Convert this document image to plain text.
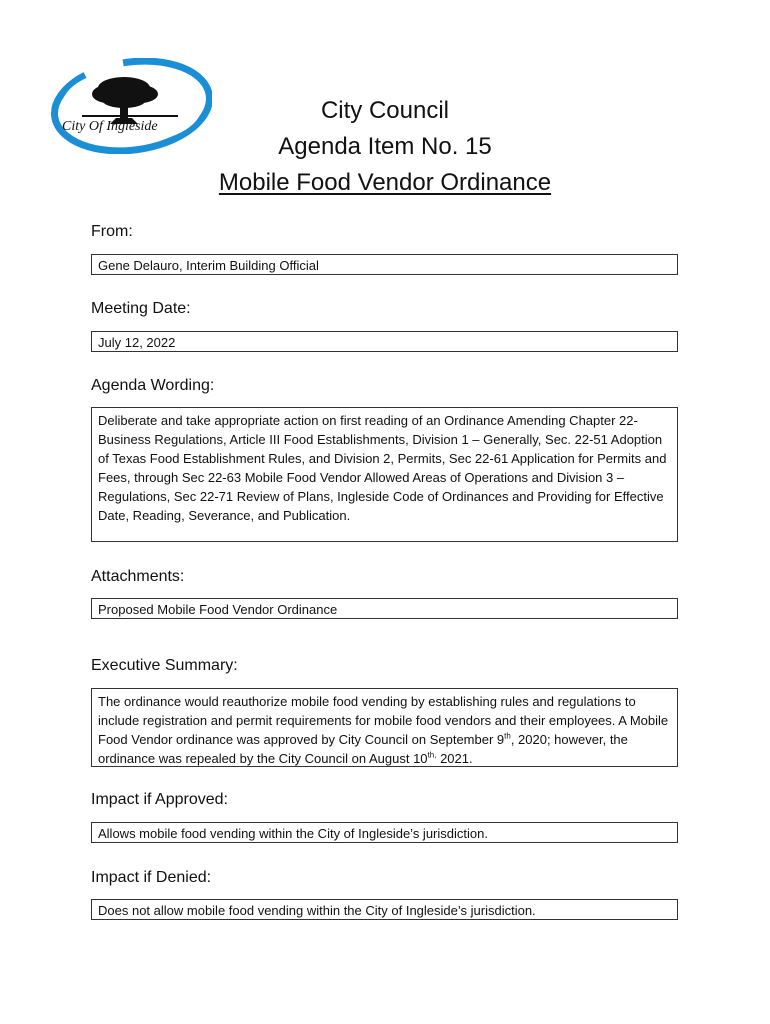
City Of Ingleside
City Council
Agenda Item No. 15
Mobile Food Vendor Ordinance
From:
Gene Delauro, Interim Building Official
Meeting Date:
July 12, 2022
Agenda Wording:
Deliberate and take appropriate action on first reading of an Ordinance Amending Chapter 22- Business Regulations, Article III Food Establishments, Division 1 – Generally, Sec. 22-51 Adoption of Texas Food Establishment Rules, and Division 2, Permits, Sec 22-61 Application for Permits and Fees, through Sec 22-63 Mobile Food Vendor Allowed Areas of Operations and Division 3 – Regulations, Sec 22-71 Review of Plans, Ingleside Code of Ordinances and Providing for Effective Date, Reading, Severance, and Publication.
Attachments:
Proposed Mobile Food Vendor Ordinance
Executive Summary:
The ordinance would reauthorize mobile food vending by establishing rules and regulations to include registration and permit requirements for mobile food vendors and their employees. A Mobile Food Vendor ordinance was approved by City Council on September 9th, 2020; however, the ordinance was repealed by the City Council on August $10^{th,}$ 2021.
Impact if Approved:
Allows mobile food vending within the City of Ingleside’s jurisdiction.
Impact if Denied:
Does not allow mobile food vending within the City of Ingleside’s jurisdiction.
